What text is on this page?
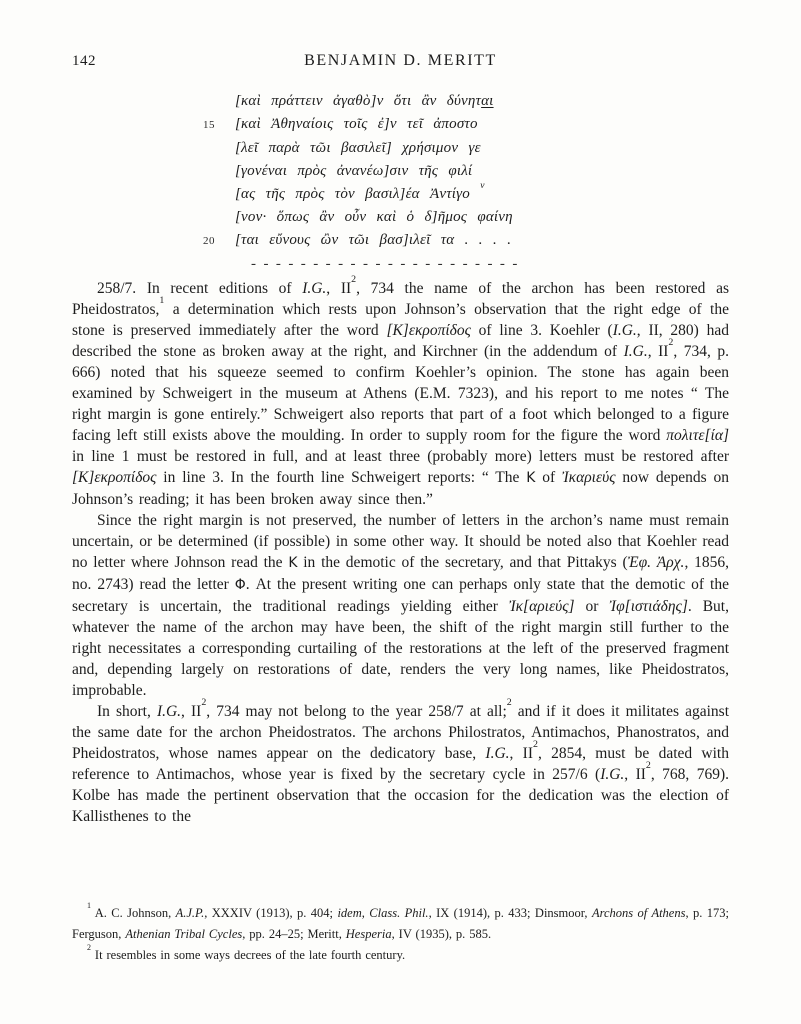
142	BENJAMIN D. MERITT
[καὶ πράττειν ἀγαθὸ]ν ὅτι ἂν δύνηται
15	[καὶ Ἀθηναίοις τοῖς ἐ]ν τεῖ ἀποστο
[λεῖ παρὰ τῶι βασιλεῖ] χρήσιμον γε
[γονέναι πρὸς ἀνανέω]σιν τῆς φιλί
[ας τῆς πρὸς τὸν βασιλ]έα Ἀντίγο $^v$
[νον· ὅπως ἂν οὖν καὶ ὁ δ]ῆμος φαίνη
20	[ται εὔνους ὢν τῶι βασ]ιλεῖ τα . . . .
- - - - - - - - - - - - - - - - - - - - - -

258/7. In recent editions of I.G., $II^2$, 734 the name of the archon has been restored as Pheidostratos,$^1$ a determination which rests upon Johnson’s observation that the right edge of the stone is preserved immediately after the word [K]εκροπίδος of line 3. Koehler (I.G., II, 280) had described the stone as broken away at the right, and Kirchner (in the addendum of I.G., $II^2$, 734, p. 666) noted that his squeeze seemed to confirm Koehler’s opinion. The stone has again been examined by Schweigert in the museum at Athens (E.M. 7323), and his report to me notes “ The right margin is gone entirely.” Schweigert also reports that part of a foot which belonged to a figure facing left still exists above the moulding. In order to supply room for the figure the word πολιτε[ία] in line 1 must be restored in full, and at least three (probably more) letters must be restored after [K]εκροπίδος in line 3. In the fourth line Schweigert reports: “ The K of Ἰκαριεύς now depends on Johnson’s reading; it has been broken away since then.”

Since the right margin is not preserved, the number of letters in the archon’s name must remain uncertain, or be determined (if possible) in some other way. It should be noted also that Koehler read no letter where Johnson read the K in the demotic of the secretary, and that Pittakys (Ἐφ. Ἀρχ., 1856, no. 2743) read the letter Φ. At the present writing one can perhaps only state that the demotic of the secretary is uncertain, the traditional readings yielding either Ἰκ[αριεύς] or Ἰφ[ιστιάδης]. But, whatever the name of the archon may have been, the shift of the right margin still further to the right necessitates a corresponding curtailing of the restorations at the left of the preserved fragment and, depending largely on restorations of date, renders the very long names, like Pheidostratos, improbable.

In short, I.G., $II^2$, 734 may not belong to the year 258/7 at all;$^2$ and if it does it militates against the same date for the archon Pheidostratos. The archons Philostratos, Antimachos, Phanostratos, and Pheidostratos, whose names appear on the dedicatory base, I.G., $II^2$, 2854, must be dated with reference to Antimachos, whose year is fixed by the secretary cycle in 257/6 (I.G., $II^2$, 768, 769). Kolbe has made the pertinent observation that the occasion for the dedication was the election of Kallisthenes to the

$^1$ A. C. Johnson, A.J.P., XXXIV (1913), p. 404; idem, Class. Phil., IX (1914), p. 433; Dinsmoor, Archons of Athens, p. 173; Ferguson, Athenian Tribal Cycles, pp. 24–25; Meritt, Hesperia, IV (1935), p. 585.

$^2$ It resembles in some ways decrees of the late fourth century.
